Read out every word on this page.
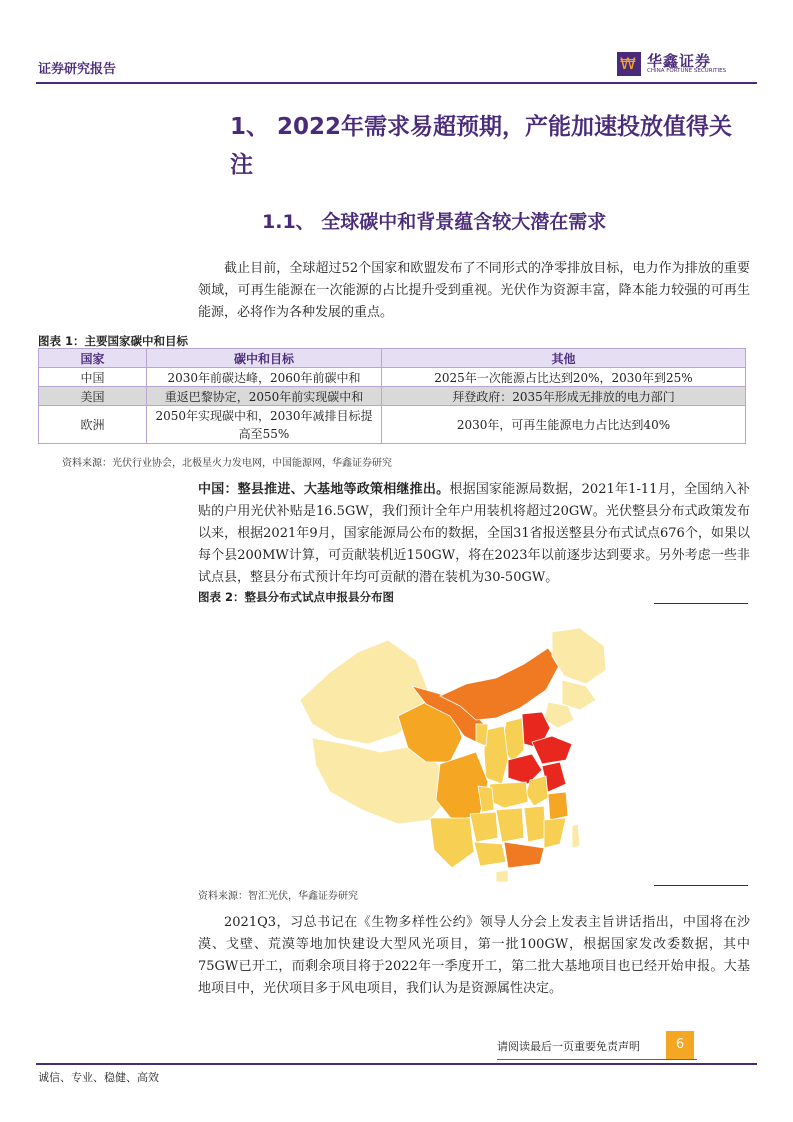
证券研究报告	₩ 华鑫证券
CHINA FORTUNE SECURITIES
1、 2022年需求易超预期，产能加速投放值得关注
1.1、 全球碳中和背景蕴含较大潜在需求
截止目前，全球超过52个国家和欧盟发布了不同形式的净零排放目标，电力作为排放的重要领域，可再生能源在一次能源的占比提升受到重视。光伏作为资源丰富，降本能力较强的可再生能源，必将作为各种发展的重点。
图表 1：主要国家碳中和目标
国家	碳中和目标	其他
中国	2030年前碳达峰，2060年前碳中和	2025年一次能源占比达到20%，2030年到25%
美国	重返巴黎协定，2050年前实现碳中和	拜登政府：2035年形成无排放的电力部门
欧洲	2050年实现碳中和，2030年减排目标提高至55%	2030年，可再生能源电力占比达到40%
资料来源：光伏行业协会，北极星火力发电网，中国能源网，华鑫证券研究
中国：整县推进、大基地等政策相继推出。根据国家能源局数据，2021年1-11月，全国纳入补贴的户用光伏补贴是16.5GW，我们预计全年户用装机将超过20GW。光伏整县分布式政策发布以来，根据2021年9月，国家能源局公布的数据，全国31省报送整县分布式试点676个，如果以每个县200MW计算，可贡献装机近150GW，将在2023年以前逐步达到要求。另外考虑一些非试点县，整县分布式预计年均可贡献的潜在装机为30-50GW。
图表 2：整县分布式试点申报县分布图
资料来源：智汇光伏，华鑫证券研究
2021Q3，习总书记在《生物多样性公约》领导人分会上发表主旨讲话指出，中国将在沙漠、戈壁、荒漠等地加快建设大型风光项目，第一批100GW，根据国家发改委数据，其中75GW已开工，而剩余项目将于2022年一季度开工，第二批大基地项目也已经开始申报。大基地项目中，光伏项目多于风电项目，我们认为是资源属性决定。
请阅读最后一页重要免责声明	6
诚信、专业、稳健、高效
